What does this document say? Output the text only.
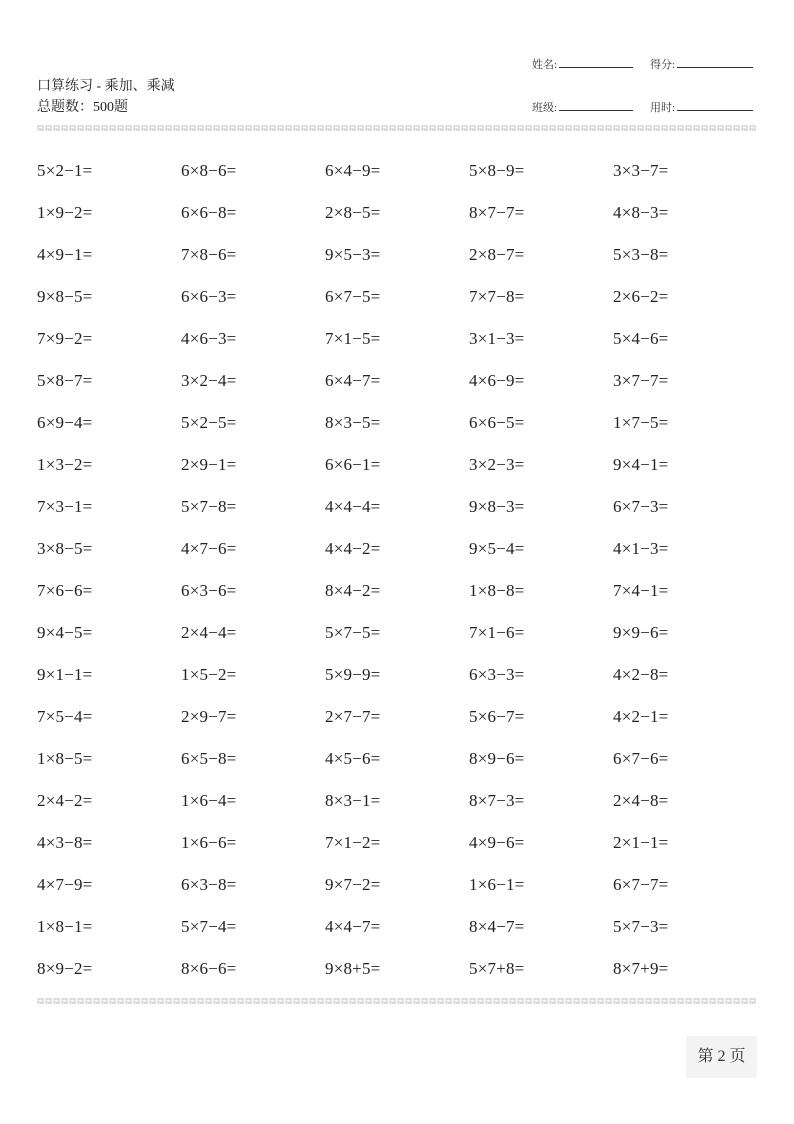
姓名:	得分:
班级:	用时:
口算练习 - 乘加、乘减
总题数：500题
5×2−1=	6×8−6=	6×4−9=	5×8−9=	3×3−7=
1×9−2=	6×6−8=	2×8−5=	8×7−7=	4×8−3=
4×9−1=	7×8−6=	9×5−3=	2×8−7=	5×3−8=
9×8−5=	6×6−3=	6×7−5=	7×7−8=	2×6−2=
7×9−2=	4×6−3=	7×1−5=	3×1−3=	5×4−6=
5×8−7=	3×2−4=	6×4−7=	4×6−9=	3×7−7=
6×9−4=	5×2−5=	8×3−5=	6×6−5=	1×7−5=
1×3−2=	2×9−1=	6×6−1=	3×2−3=	9×4−1=
7×3−1=	5×7−8=	4×4−4=	9×8−3=	6×7−3=
3×8−5=	4×7−6=	4×4−2=	9×5−4=	4×1−3=
7×6−6=	6×3−6=	8×4−2=	1×8−8=	7×4−1=
9×4−5=	2×4−4=	5×7−5=	7×1−6=	9×9−6=
9×1−1=	1×5−2=	5×9−9=	6×3−3=	4×2−8=
7×5−4=	2×9−7=	2×7−7=	5×6−7=	4×2−1=
1×8−5=	6×5−8=	4×5−6=	8×9−6=	6×7−6=
2×4−2=	1×6−4=	8×3−1=	8×7−3=	2×4−8=
4×3−8=	1×6−6=	7×1−2=	4×9−6=	2×1−1=
4×7−9=	6×3−8=	9×7−2=	1×6−1=	6×7−7=
1×8−1=	5×7−4=	4×4−7=	8×4−7=	5×7−3=
8×9−2=	8×6−6=	9×8+5=	5×7+8=	8×7+9=
第 2 页
